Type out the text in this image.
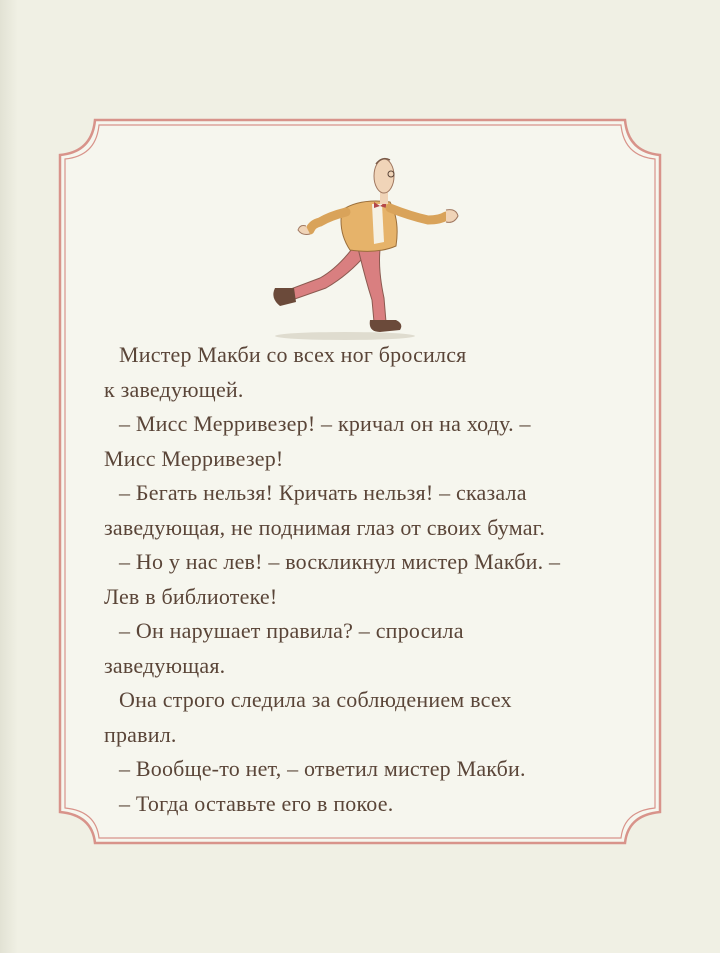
Мистер Макби со всех ног бросился

к заведующей.

– Мисс Мерривезер! – кричал он на ходу. –

Мисс Мерривезер!

– Бегать нельзя! Кричать нельзя! – сказала

заведующая, не поднимая глаз от своих бумаг.

– Но у нас лев! – воскликнул мистер Макби. –

Лев в библиотеке!

– Он нарушает правила? – спросила

заведующая.

Она строго следила за соблюдением всех

правил.

– Вообще-то нет, – ответил мистер Макби.

– Тогда оставьте его в покое.
